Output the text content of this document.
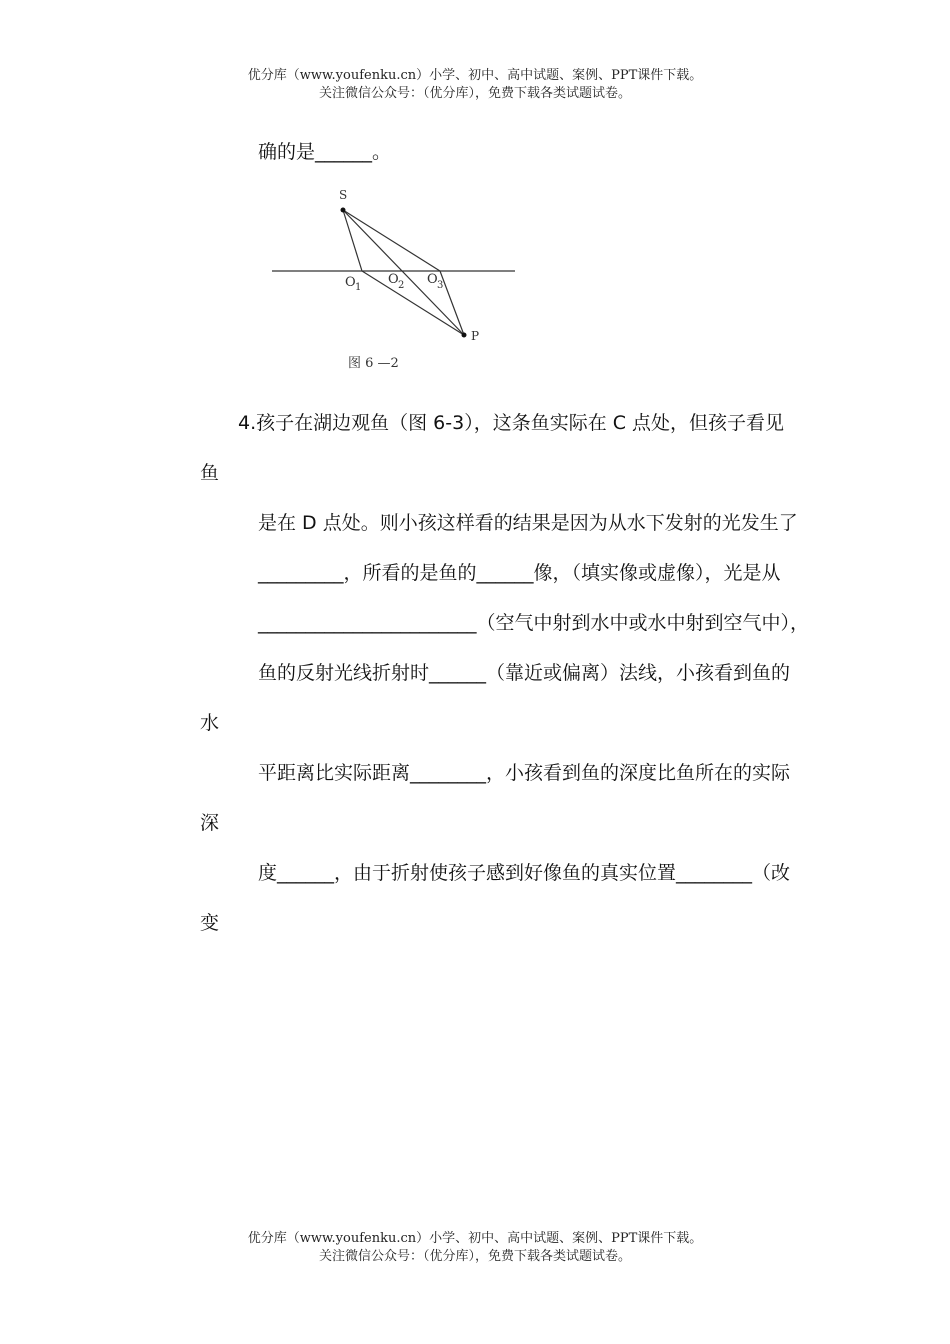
优分库（www.youfenku.cn）小学、初中、高中试题、案例、PPT课件下载。
关注微信公众号：（优分库），免费下载各类试题试卷。
确的是______。
S
P
O 1
O 2 O 3
图 6 —2
4.孩子在湖边观鱼（图 6-3），这条鱼实际在 C 点处，但孩子看见
鱼
是在 D 点处。则小孩这样看的结果是因为从水下发射的光发生了
_________，所看的是鱼的______像，（填实像或虚像），光是从
_______________________（空气中射到水中或水中射到空气中），
鱼的反射光线折射时______（靠近或偏离）法线，小孩看到鱼的
水
平距离比实际距离________，小孩看到鱼的深度比鱼所在的实际
深
度______，由于折射使孩子感到好像鱼的真实位置________（改
变
优分库（www.youfenku.cn）小学、初中、高中试题、案例、PPT课件下载。
关注微信公众号：（优分库），免费下载各类试题试卷。
